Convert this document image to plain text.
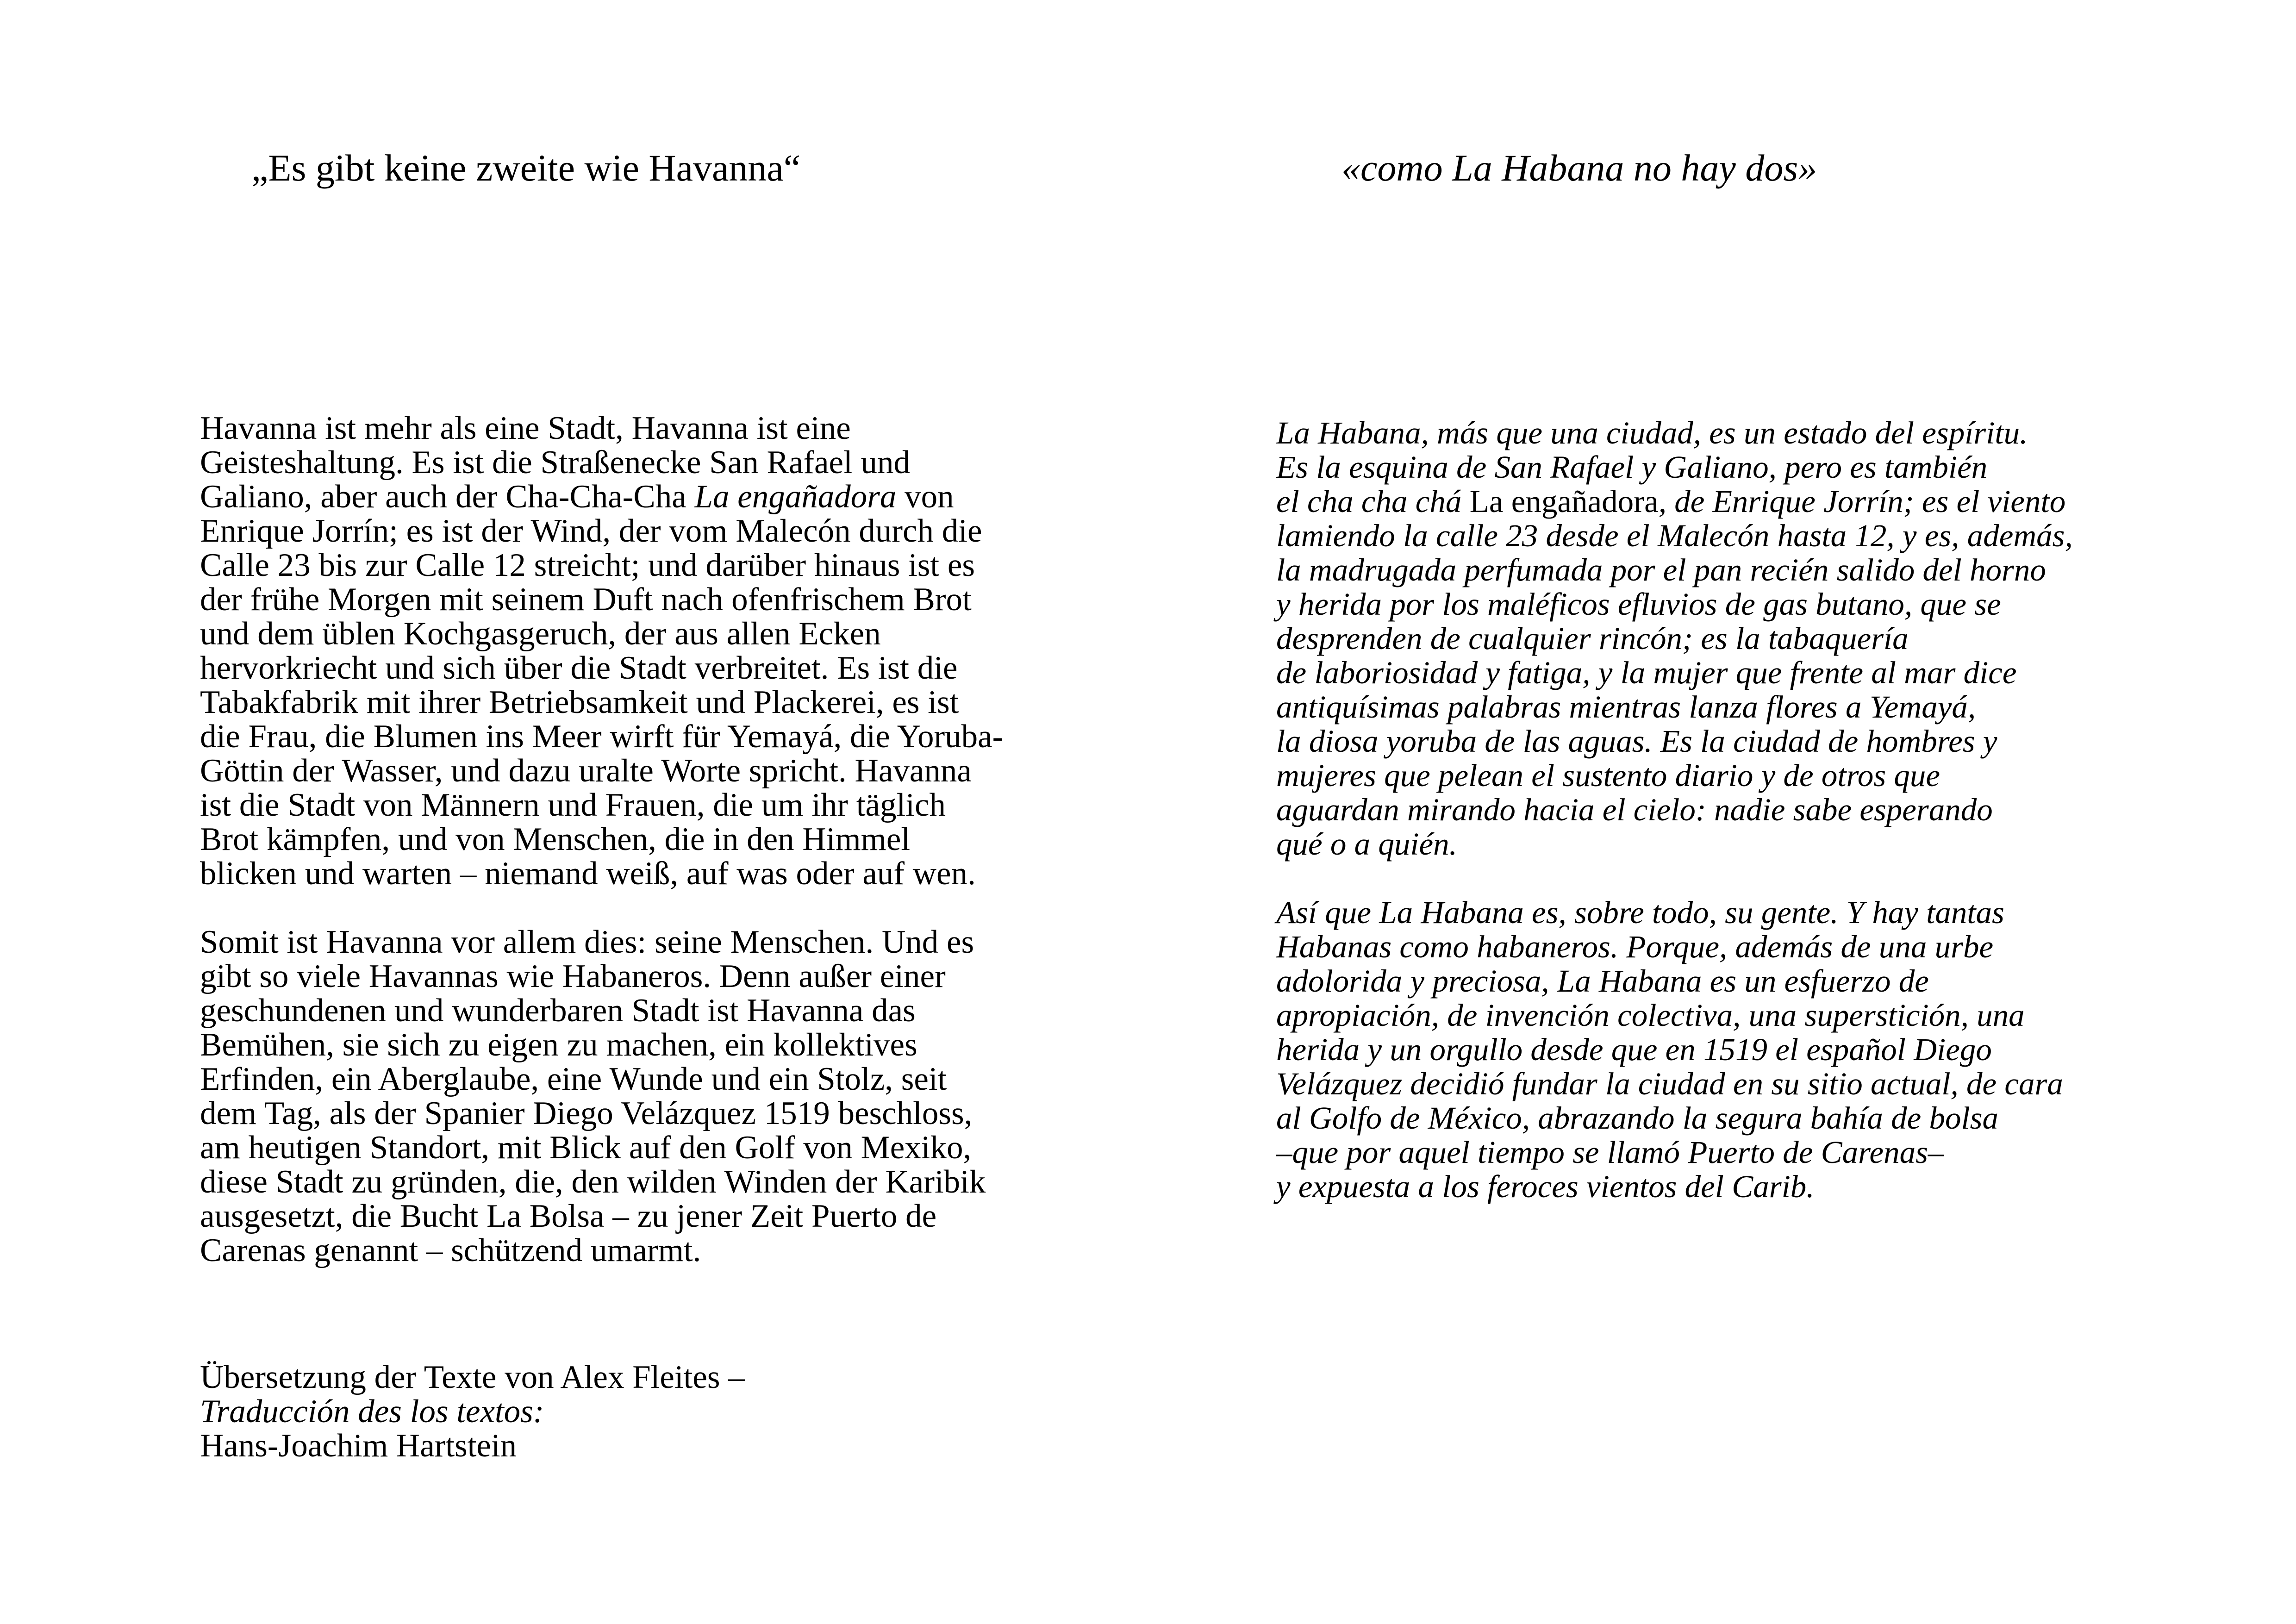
„Es gibt keine zweite wie Havanna“	«como La Habana no hay dos»
Havanna ist mehr als eine Stadt, Havanna ist eine
Geisteshaltung. Es ist die Straßenecke San Rafael und
Galiano, aber auch der Cha-Cha-Cha La engañadora von
Enrique Jorrín; es ist der Wind, der vom Malecón durch die
Calle 23 bis zur Calle 12 streicht; und darüber hinaus ist es
der frühe Morgen mit seinem Duft nach ofenfrischem Brot
und dem üblen Kochgasgeruch, der aus allen Ecken
hervorkriecht und sich über die Stadt verbreitet. Es ist die
Tabakfabrik mit ihrer Betriebsamkeit und Plackerei, es ist
die Frau, die Blumen ins Meer wirft für Yemayá, die Yoruba-
Göttin der Wasser, und dazu uralte Worte spricht. Havanna
ist die Stadt von Männern und Frauen, die um ihr täglich
Brot kämpfen, und von Menschen, die in den Himmel
blicken und warten – niemand weiß, auf was oder auf wen.
Somit ist Havanna vor allem dies: seine Menschen. Und es
gibt so viele Havannas wie Habaneros. Denn außer einer
geschundenen und wunderbaren Stadt ist Havanna das
Bemühen, sie sich zu eigen zu machen, ein kollektives
Erfinden, ein Aberglaube, eine Wunde und ein Stolz, seit
dem Tag, als der Spanier Diego Velázquez 1519 beschloss,
am heutigen Standort, mit Blick auf den Golf von Mexiko,
diese Stadt zu gründen, die, den wilden Winden der Karibik
ausgesetzt, die Bucht La Bolsa – zu jener Zeit Puerto de
Carenas genannt – schützend umarmt.
La Habana, más que una ciudad, es un estado del espíritu.
Es la esquina de San Rafael y Galiano, pero es también
el cha cha chá La engañadora, de Enrique Jorrín; es el viento
lamiendo la calle 23 desde el Malecón hasta 12, y es, además,
la madrugada perfumada por el pan recién salido del horno
y herida por los maléficos efluvios de gas butano, que se
desprenden de cualquier rincón; es la tabaquería
de laboriosidad y fatiga, y la mujer que frente al mar dice
antiquísimas palabras mientras lanza flores a Yemayá,
la diosa yoruba de las aguas. Es la ciudad de hombres y
mujeres que pelean el sustento diario y de otros que
aguardan mirando hacia el cielo: nadie sabe esperando
qué o a quién.
Así que La Habana es, sobre todo, su gente. Y hay tantas
Habanas como habaneros. Porque, además de una urbe
adolorida y preciosa, La Habana es un esfuerzo de
apropiación, de invención colectiva, una superstición, una
herida y un orgullo desde que en 1519 el español Diego
Velázquez decidió fundar la ciudad en su sitio actual, de cara
al Golfo de México, abrazando la segura bahía de bolsa
–que por aquel tiempo se llamó Puerto de Carenas–
y expuesta a los feroces vientos del Carib.
Übersetzung der Texte von Alex Fleites –
Traducción des los textos:
Hans-Joachim Hartstein
